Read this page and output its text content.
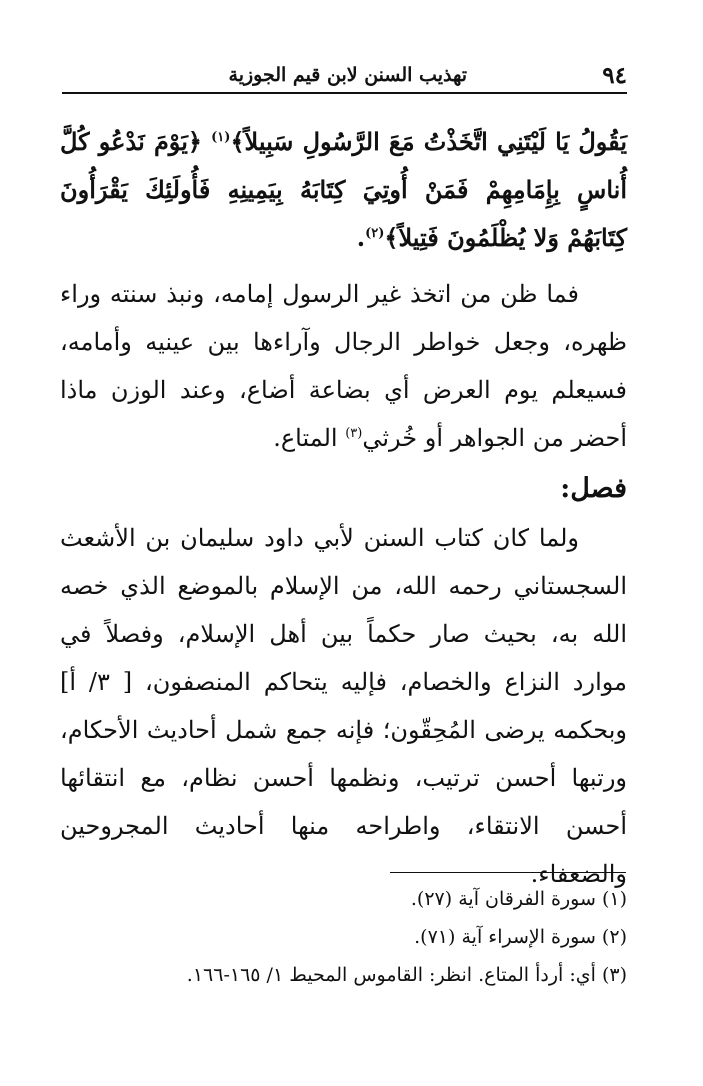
٩٤
تهذيب السنن لابن قيم الجوزية

يَقُولُ يَا لَيْتَنِي اتَّخَذْتُ مَعَ الرَّسُولِ سَبِيلاً﴾$^{(١)}$ ﴿يَوْمَ نَدْعُو كُلَّ أُناسٍ بِإِمَامِهِمْ فَمَنْ أُوتِيَ كِتَابَهُ بِيَمِينِهِ فَأُولَئِكَ يَقْرَأُونَ كِتَابَهُمْ وَلا يُظْلَمُونَ فَتِيلاً﴾$^{(٢)}$.

فما ظن من اتخذ غير الرسول إمامه، ونبذ سنته وراء ظهره، وجعل خواطر الرجال وآراءها بين عينيه وأمامه، فسيعلم يوم العرض أي بضاعة أضاع، وعند الوزن ماذا أحضر من الجواهر أو خُرثي$^{(٣)}$ المتاع.

فصل:

ولما كان كتاب السنن لأبي داود سليمان بن الأشعث السجستاني رحمه الله، من الإسلام بالموضع الذي خصه الله به، بحيث صار حكماً بين أهل الإسلام، وفصلاً في موارد النزاع والخصام، فإليه يتحاكم المنصفون، [ ٣/ أ] وبحكمه يرضى المُحِقّون؛ فإنه جمع شمل أحاديث الأحكام، ورتبها أحسن ترتيب، ونظمها أحسن نظام، مع انتقائها أحسن الانتقاء، واطراحه منها أحاديث المجروحين والضعفاء.

(١) سورة الفرقان آية (٢٧).

(٢) سورة الإسراء آية (٧١).

(٣) أي: أردأ المتاع. انظر: القاموس المحيط ١/ ١٦٥-١٦٦.
